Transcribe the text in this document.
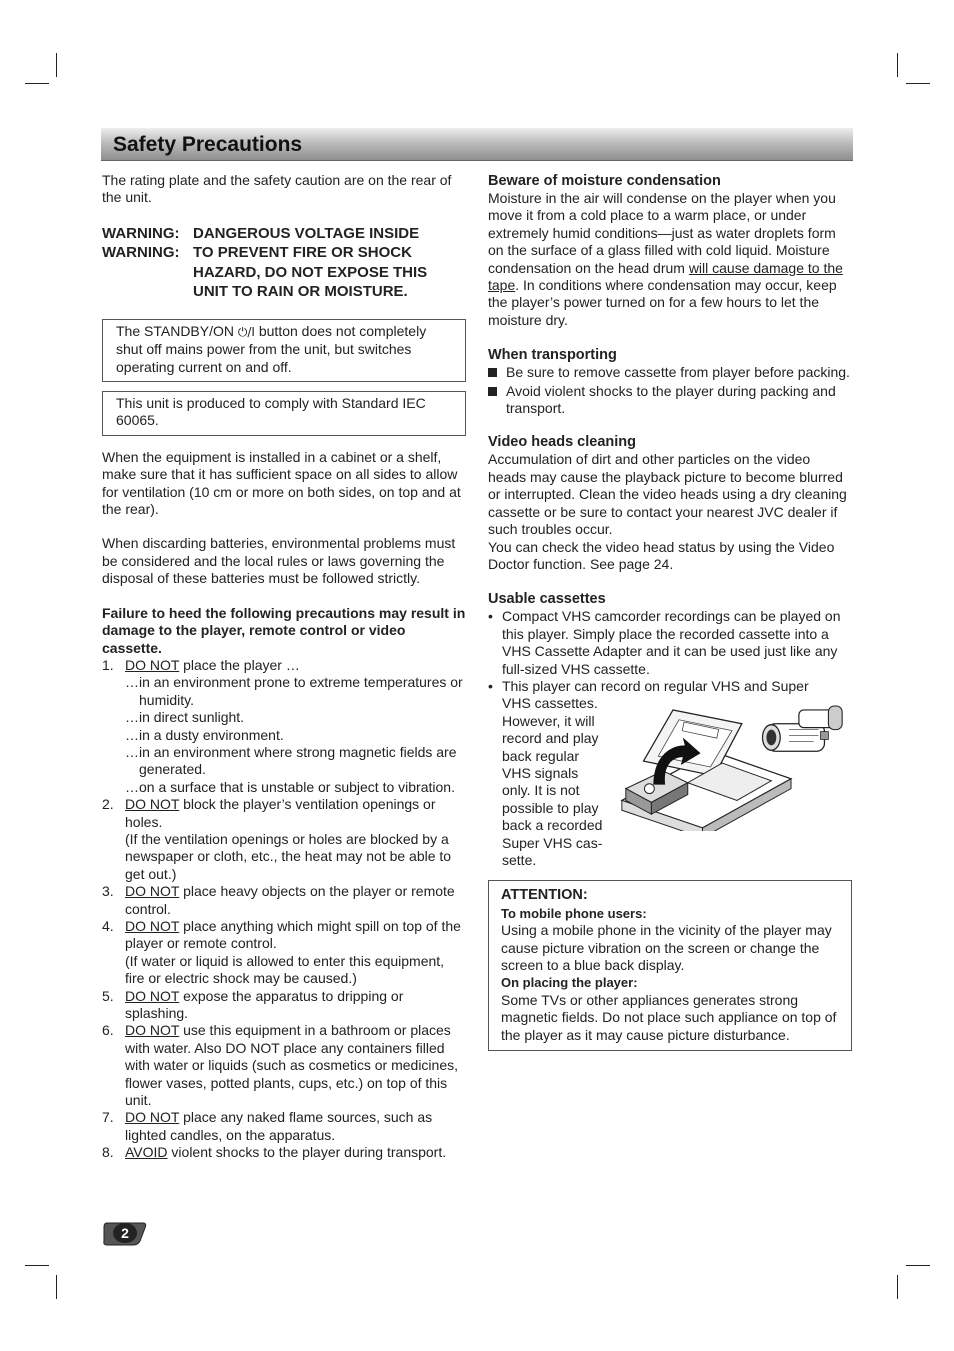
Safety Precautions

The rating plate and the safety caution are on the rear of the unit.

WARNING: DANGEROUS VOLTAGE INSIDE
WARNING: TO PREVENT FIRE OR SHOCK HAZARD, DO NOT EXPOSE THIS UNIT TO RAIN OR MOISTURE.
The STANDBY/ON ⏻/I button does not completely shut off mains power from the unit, but switches operating current on and off.
This unit is produced to comply with Standard IEC 60065.

When the equipment is installed in a cabinet or a shelf, make sure that it has sufficient space on all sides to allow for ventilation (10 cm or more on both sides, on top and at the rear).

When discarding batteries, environmental problems must be considered and the local rules or laws governing the disposal of these batteries must be followed strictly.

Failure to heed the following precautions may result in damage to the player, remote control or video cassette.

1. DO NOT place the player …
…in an environment prone to extreme temperatures or humidity.
…in direct sunlight.
…in a dusty environment.
…in an environment where strong magnetic fields are generated.
…on a surface that is unstable or subject to vibration.
2. DO NOT block the player’s ventilation openings or holes.
(If the ventilation openings or holes are blocked by a newspaper or cloth, etc., the heat may not be able to get out.)
3. DO NOT place heavy objects on the player or remote control.
4. DO NOT place anything which might spill on top of the player or remote control.
(If water or liquid is allowed to enter this equipment, fire or electric shock may be caused.)
5. DO NOT expose the apparatus to dripping or splashing.
6. DO NOT use this equipment in a bathroom or places with water. Also DO NOT place any containers filled with water or liquids (such as cosmetics or medicines, flower vases, potted plants, cups, etc.) on top of this unit.
7. DO NOT place any naked flame sources, such as lighted candles, on the apparatus.
8. AVOID violent shocks to the player during transport.
Beware of moisture condensation

Moisture in the air will condense on the player when you move it from a cold place to a warm place, or under extremely humid conditions—just as water droplets form on the surface of a glass filled with cold liquid. Moisture condensation on the head drum will cause damage to the tape. In conditions where condensation may occur, keep the player’s power turned on for a few hours to let the moisture dry.

When transporting
Be sure to remove cassette from player before packing.
Avoid violent shocks to the player during packing and transport.
Video heads cleaning

Accumulation of dirt and other particles on the video heads may cause the playback picture to become blurred or interrupted. Clean the video heads using a dry cleaning cassette or be sure to contact your nearest JVC dealer if such troubles occur.

You can check the video head status by using the Video Doctor function. See page 24.

Usable cassettes
• Compact VHS camcorder recordings can be played on this player. Simply place the recorded cassette into a VHS Cassette Adapter and it can be used just like any full-sized VHS cassette.
• This player can record on regular VHS and Super
VHS cassettes.
However, it will
record and play
back regular
VHS signals
only. It is not
possible to play
back a recorded
Super VHS cas-
sette.
ATTENTION:
To mobile phone users:
Using a mobile phone in the vicinity of the player may cause picture vibration on the screen or change the screen to a blue back display.
On placing the player:
Some TVs or other appliances generates strong magnetic fields. Do not place such appliance on top of the player as it may cause picture disturbance.
2
